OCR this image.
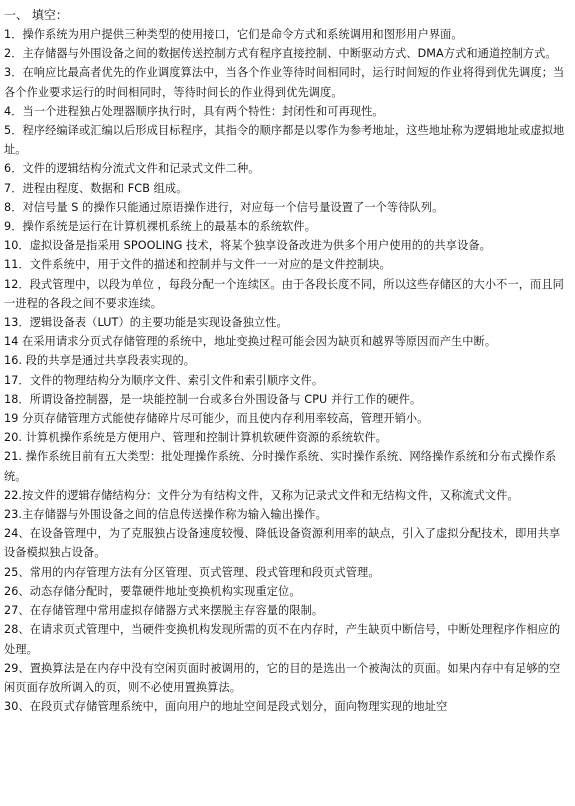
一、 填空：
1．操作系统为用户提供三种类型的使用接口，它们是命令方式和系统调用和图形用户界面。
2．主存储器与外围设备之间的数据传送控制方式有程序直接控制、中断驱动方式、DMA方式和通道控制方式。
3．在响应比最高者优先的作业调度算法中，当各个作业等待时间相同时，运行时间短的作业将得到优先调度；当各个作业要求运行的时间相同时，等待时间长的作业得到优先调度。
4．当一个进程独占处理器顺序执行时，具有两个特性：封闭性和可再现性。
5．程序经编译或汇编以后形成目标程序，其指令的顺序都是以零作为参考地址，这些地址称为逻辑地址或虚拟地址。
6．文件的逻辑结构分流式文件和记录式文件二种。
7．进程由程度、数据和 FCB 组成。
8．对信号量 S 的操作只能通过原语操作进行，对应每一个信号量设置了一个等待队列。
9．操作系统是运行在计算机裸机系统上的最基本的系统软件。
10．虚拟设备是指采用 SPOOLING 技术，将某个独享设备改进为供多个用户使用的的共享设备。
11．文件系统中，用于文件的描述和控制并与文件一一对应的是文件控制块。
12．段式管理中，以段为单位 ，每段分配一个连续区。由于各段长度不同，所以这些存储区的大小不一，而且同一进程的各段之间不要求连续。
13．逻辑设备表（LUT）的主要功能是实现设备独立性。
14 在采用请求分页式存储管理的系统中，地址变换过程可能会因为缺页和越界等原因而产生中断。
16. 段的共享是通过共享段表实现的。
17．文件的物理结构分为顺序文件、索引文件和索引顺序文件。
18．所谓设备控制器，是一块能控制一台或多台外围设备与 CPU 并行工作的硬件。
19 分页存储管理方式能使存储碎片尽可能少，而且使内存利用率较高，管理开销小。
20. 计算机操作系统是方便用户、管理和控制计算机软硬件资源的系统软件。
21. 操作系统目前有五大类型：批处理操作系统、分时操作系统、实时操作系统、网络操作系统和分布式操作系统。
22.按文件的逻辑存储结构分：文件分为有结构文件，又称为记录式文件和无结构文件，又称流式文件。
23.主存储器与外围设备之间的信息传送操作称为输入输出操作。
24、在设备管理中，为了克服独占设备速度较慢、降低设备资源利用率的缺点，引入了虚拟分配技术，即用共享设备模拟独占设备。
25、常用的内存管理方法有分区管理、页式管理、段式管理和段页式管理。
26、动态存储分配时，要靠硬件地址变换机构实现重定位。
27、在存储管理中常用虚拟存储器方式来摆脱主存容量的限制。
28、在请求页式管理中，当硬件变换机构发现所需的页不在内存时，产生缺页中断信号，中断处理程序作相应的处理。
29、置换算法是在内存中没有空闲页面时被调用的，它的目的是选出一个被淘汰的页面。如果内存中有足够的空闲页面存放所调入的页，则不必使用置换算法。
30、在段页式存储管理系统中，面向用户的地址空间是段式划分，面向物理实现的地址空
